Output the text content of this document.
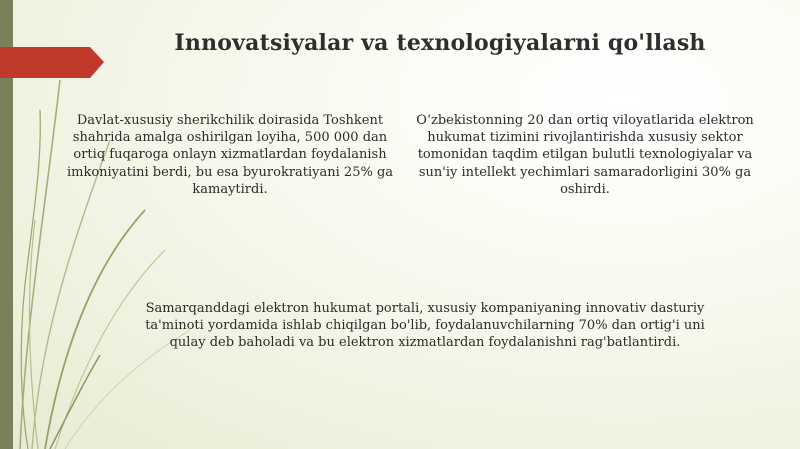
Innovatsiyalar va texnologiyalarni qo'llash
Davlat-xususiy sherikchilik doirasida Toshkent shahrida amalga oshirilgan loyiha, 500 000 dan ortiq fuqaroga onlayn xizmatlardan foydalanish imkoniyatini berdi, bu esa byurokratiyani 25% ga kamaytirdi.
O‘zbekistonning 20 dan ortiq viloyatlarida elektron hukumat tizimini rivojlantirishda xususiy sektor tomonidan taqdim etilgan bulutli texnologiyalar va sun'iy intellekt yechimlari samaradorligini 30% ga oshirdi.
Samarqanddagi elektron hukumat portali, xususiy kompaniyaning innovativ dasturiy ta'minoti yordamida ishlab chiqilgan bo'lib, foydalanuvchilarning 70% dan ortig'i uni qulay deb baholadi va bu elektron xizmatlardan foydalanishni rag'batlantirdi.
